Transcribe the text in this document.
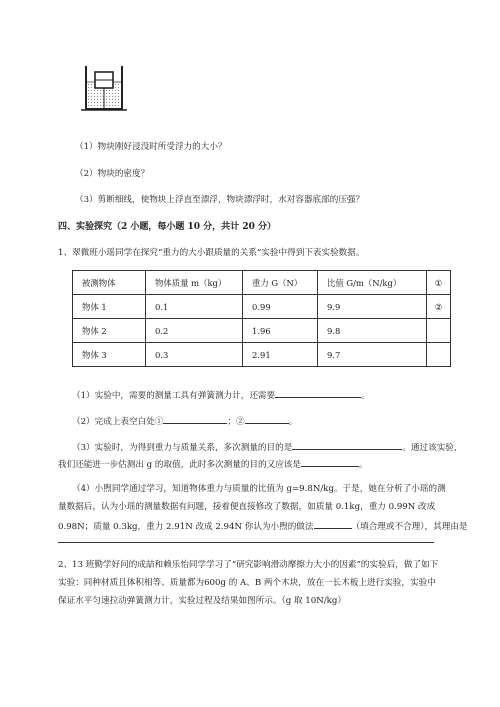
（1）物块刚好浸没时所受浮力的大小？
（2）物块的密度？
（3）剪断细线，使物块上浮直至漂浮，物块漂浮时，水对容器底部的压强？
四、实验探究（2 小题，每小题 10 分，共计 20 分）
1、翠微班小瑶同学在探究“重力的大小跟质量的关系”实验中得到下表实验数据。
被测物体	物体质量 m（kg）	重力 G（N）	比值 G/m（N/kg）	①
物体 1	0.1	0.99	9.9	②
物体 2	0.2	1.96	9.8	
物体 3	0.3	2.91	9.7	
（1）实验中，需要的测量工具有弹簧测力计，还需要	。
（2）完成上表空白处①	；②	。
（3）实验时，为得到重力与质量关系，多次测量的目的是	。通过该实验，
我们还能进一步估测出 g 的取值，此时多次测量的目的又应该是	。
（4）小煦同学通过学习，知道物体重力与质量的比值为 g=9.8N/kg。于是，她在分析了小瑶的测
量数据后，认为小瑶的测量数据有问题，接着便直接修改了数据，如质量 0.1kg，重力 0.99N 改成
0.98N；质量 0.3kg，重力 2.91N 改成 2.94N 你认为小煦的做法	（填合理或不合理），其理由是
2、13 班勤学好问的成喆和赖乐怡同学学习了“研究影响滑动摩擦力大小的因素”的实验后，做了如下
实验：同种材质且体积相等、质量都为600g 的 A、B 两个木块，放在一长木板上进行实验，实验中
保证水平匀速拉动弹簧测力计，实验过程及结果如图所示。（g 取 10N/kg）
